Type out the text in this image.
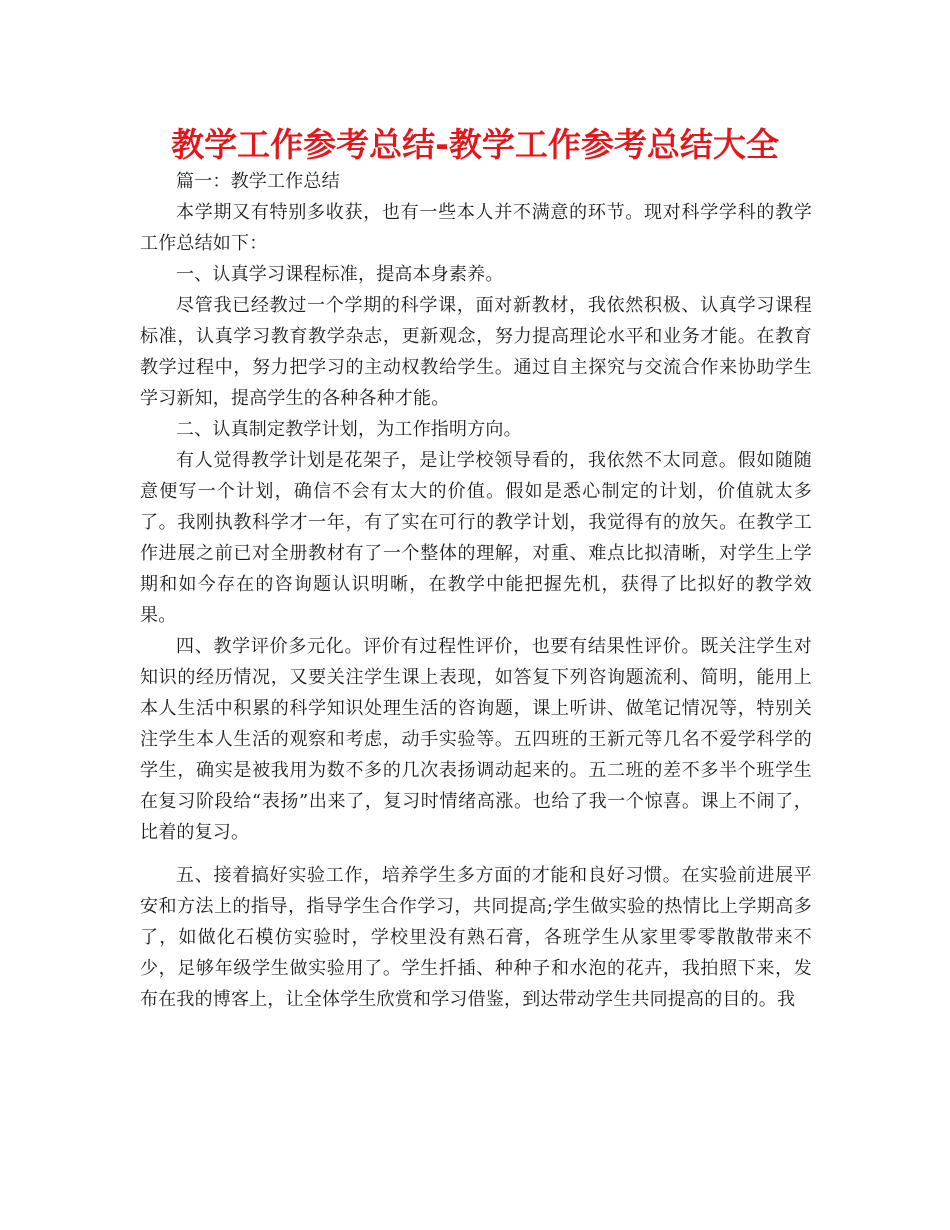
教学工作参考总结-教学工作参考总结大全

篇一：教学工作总结

本学期又有特别多收获，也有一些本人并不满意的环节。现对科学学科的教学工作总结如下：

一、认真学习课程标准，提高本身素养。

尽管我已经教过一个学期的科学课，面对新教材，我依然积极、认真学习课程标准，认真学习教育教学杂志，更新观念，努力提高理论水平和业务才能。在教育教学过程中，努力把学习的主动权教给学生。通过自主探究与交流合作来协助学生学习新知，提高学生的各种各种才能。

二、认真制定教学计划，为工作指明方向。

有人觉得教学计划是花架子，是让学校领导看的，我依然不太同意。假如随随意便写一个计划，确信不会有太大的价值。假如是悉心制定的计划，价值就太多了。我刚执教科学才一年，有了实在可行的教学计划，我觉得有的放矢。在教学工作进展之前已对全册教材有了一个整体的理解，对重、难点比拟清晰，对学生上学期和如今存在的咨询题认识明晰，在教学中能把握先机，获得了比拟好的教学效果。

四、教学评价多元化。评价有过程性评价，也要有结果性评价。既关注学生对知识的经历情况，又要关注学生课上表现，如答复下列咨询题流利、简明，能用上本人生活中积累的科学知识处理生活的咨询题，课上听讲、做笔记情况等，特别关注学生本人生活的观察和考虑，动手实验等。五四班的王新元等几名不爱学科学的学生，确实是被我用为数不多的几次表扬调动起来的。五二班的差不多半个班学生在复习阶段给“表扬”出来了，复习时情绪高涨。也给了我一个惊喜。课上不闹了，比着的复习。

五、接着搞好实验工作，培养学生多方面的才能和良好习惯。在实验前进展平安和方法上的指导，指导学生合作学习，共同提高;学生做实验的热情比上学期高多了，如做化石模仿实验时，学校里没有熟石膏，各班学生从家里零零散散带来不少，足够年级学生做实验用了。学生扦插、种种子和水泡的花卉，我拍照下来，发布在我的博客上，让全体学生欣赏和学习借鉴，到达带动学生共同提高的目的。我
